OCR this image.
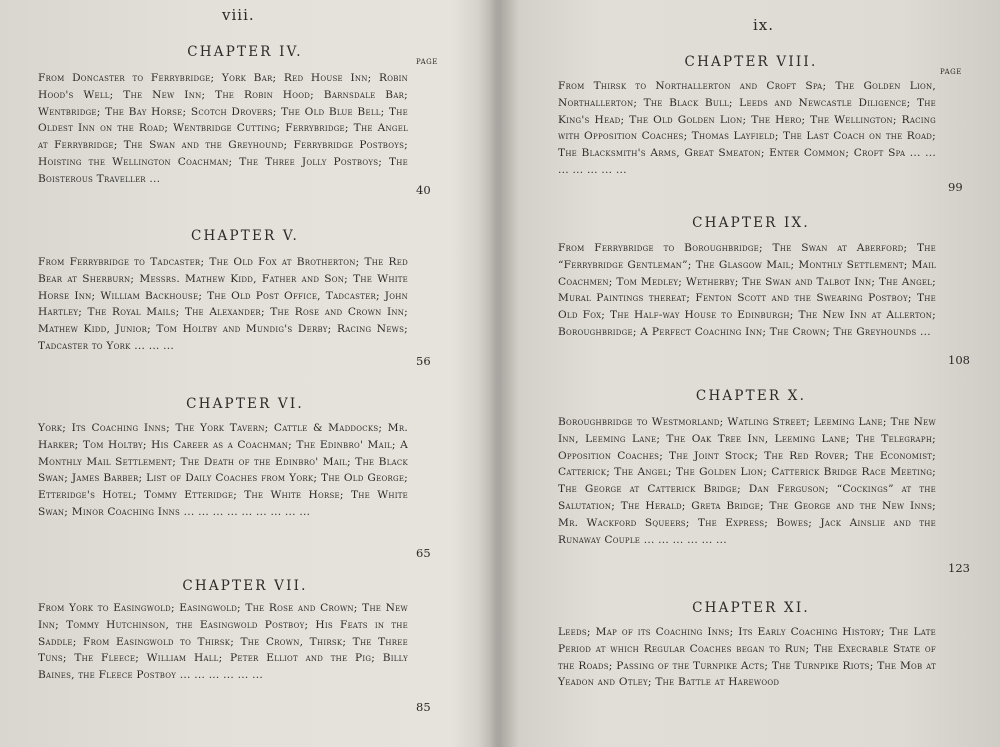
viii.
CHAPTER IV.
PAGE
From Doncaster to Ferrybridge; York Bar; Red House Inn; Robin Hood's Well; The New Inn; The Robin Hood; Barnsdale Bar; Wentbridge; The Bay Horse; Scotch Drovers; The Old Blue Bell; The Oldest Inn on the Road; Wentbridge Cutting; Ferrybridge; The Angel at Ferrybridge; The Swan and the Greyhound; Ferrybridge Postboys; Hoisting the Wellington Coachman; The Three Jolly Postboys; The Boisterous Traveller ...
40
CHAPTER V.
From Ferrybridge to Tadcaster; The Old Fox at Brotherton; The Red Bear at Sherburn; Messrs. Mathew Kidd, Father and Son; The White Horse Inn; William Backhouse; The Old Post Office, Tadcaster; John Hartley; The Royal Mails; The Alexander; The Rose and Crown Inn; Mathew Kidd, Junior; Tom Holtby and Mundig's Derby; Racing News; Tadcaster to York ... ... ...
56
CHAPTER VI.
York; Its Coaching Inns; The York Tavern; Cattle & Maddocks; Mr. Harker; Tom Holtby; His Career as a Coachman; The Edinbro' Mail; A Monthly Mail Settlement; The Death of the Edinbro' Mail; The Black Swan; James Barber; List of Daily Coaches from York; The Old George; Etteridge's Hotel; Tommy Etteridge; The White Horse; The White Swan; Minor Coaching Inns ... ... ... ... ... ... ... ... ...
65
CHAPTER VII.
From York to Easingwold; Easingwold; The Rose and Crown; The New Inn; Tommy Hutchinson, the Easingwold Postboy; His Feats in the Saddle; From Easingwold to Thirsk; The Crown, Thirsk; The Three Tuns; The Fleece; William Hall; Peter Elliot and the Pig; Billy Baines, the Fleece Postboy ... ... ... ... ... ...
85
ix.
CHAPTER VIII.
PAGE
From Thirsk to Northallerton and Croft Spa; The Golden Lion, Northallerton; The Black Bull; Leeds and Newcastle Diligence; The King's Head; The Old Golden Lion; The Hero; The Wellington; Racing with Opposition Coaches; Thomas Layfield; The Last Coach on the Road; The Blacksmith's Arms, Great Smeaton; Enter Common; Croft Spa ... ... ... ... ... ... ...
99
CHAPTER IX.
From Ferrybridge to Boroughbridge; The Swan at Aberford; The “Ferrybridge Gentleman”; The Glasgow Mail; Monthly Settlement; Mail Coachmen; Tom Medley; Wetherby; The Swan and Talbot Inn; The Angel; Mural Paintings thereat; Fenton Scott and the Swearing Postboy; The Old Fox; The Half-way House to Edinburgh; The New Inn at Allerton; Boroughbridge; A Perfect Coaching Inn; The Crown; The Greyhounds ...
108
CHAPTER X.
Boroughbridge to Westmorland; Watling Street; Leeming Lane; The New Inn, Leeming Lane; The Oak Tree Inn, Leeming Lane; The Telegraph; Opposition Coaches; The Joint Stock; The Red Rover; The Economist; Catterick; The Angel; The Golden Lion; Catterick Bridge Race Meeting; The George at Catterick Bridge; Dan Ferguson; “Cockings” at the Salutation; The Herald; Greta Bridge; The George and the New Inns; Mr. Wackford Squeers; The Express; Bowes; Jack Ainslie and the Runaway Couple ... ... ... ... ... ...
123
CHAPTER XI.
Leeds; Map of its Coaching Inns; Its Early Coaching History; The Late Period at which Regular Coaches began to Run; The Execrable State of the Roads; Passing of the Turnpike Acts; The Turnpike Riots; The Mob at Yeadon and Otley; The Battle at Harewood
